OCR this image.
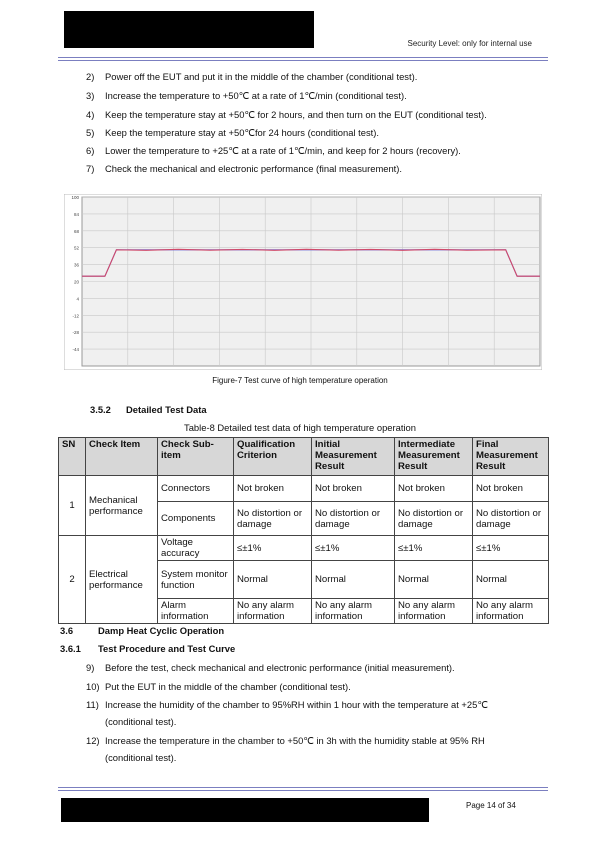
Security Level: only for internal use
2) Power off the EUT and put it in the middle of the chamber (conditional test).
3) Increase the temperature to +50℃ at a rate of 1℃/min (conditional test).
4) Keep the temperature stay at +50℃ for 2 hours, and then turn on the EUT (conditional test).
5) Keep the temperature stay at +50℃for 24 hours (conditional test).
6) Lower the temperature to +25℃ at a rate of 1℃/min, and keep for 2 hours (recovery).
7) Check the mechanical and electronic performance (final measurement).
100
84
68
52
36
20
4
-12
-28
-44
Figure-7 Test curve of high temperature operation
3.5.2 Detailed Test Data
Table-8 Detailed test data of high temperature operation
SN	Check Item	Check Sub-item	Qualification Criterion	Initial Measurement Result	Intermediate Measurement Result	Final Measurement Result
1	Mechanical performance	Connectors	Not broken	Not broken	Not broken	Not broken
		Components	No distortion or damage	No distortion or damage	No distortion or damage	No distortion or damage
2	Electrical performance	Voltage accuracy	≤±1%	≤±1%	≤±1%	≤±1%
		System monitor function	Normal	Normal	Normal	Normal
		Alarm information	No any alarm information	No any alarm information	No any alarm information	No any alarm information
3.6	Damp Heat Cyclic Operation
3.6.1 Test Procedure and Test Curve
9) Before the test, check mechanical and electronic performance (initial measurement).
10) Put the EUT in the middle of the chamber (conditional test).
11) Increase the humidity of the chamber to 95%RH within 1 hour with the temperature at +25℃
(conditional test).
12) Increase the temperature in the chamber to +50℃ in 3h with the humidity stable at 95% RH
(conditional test).
Page 14 of 34
